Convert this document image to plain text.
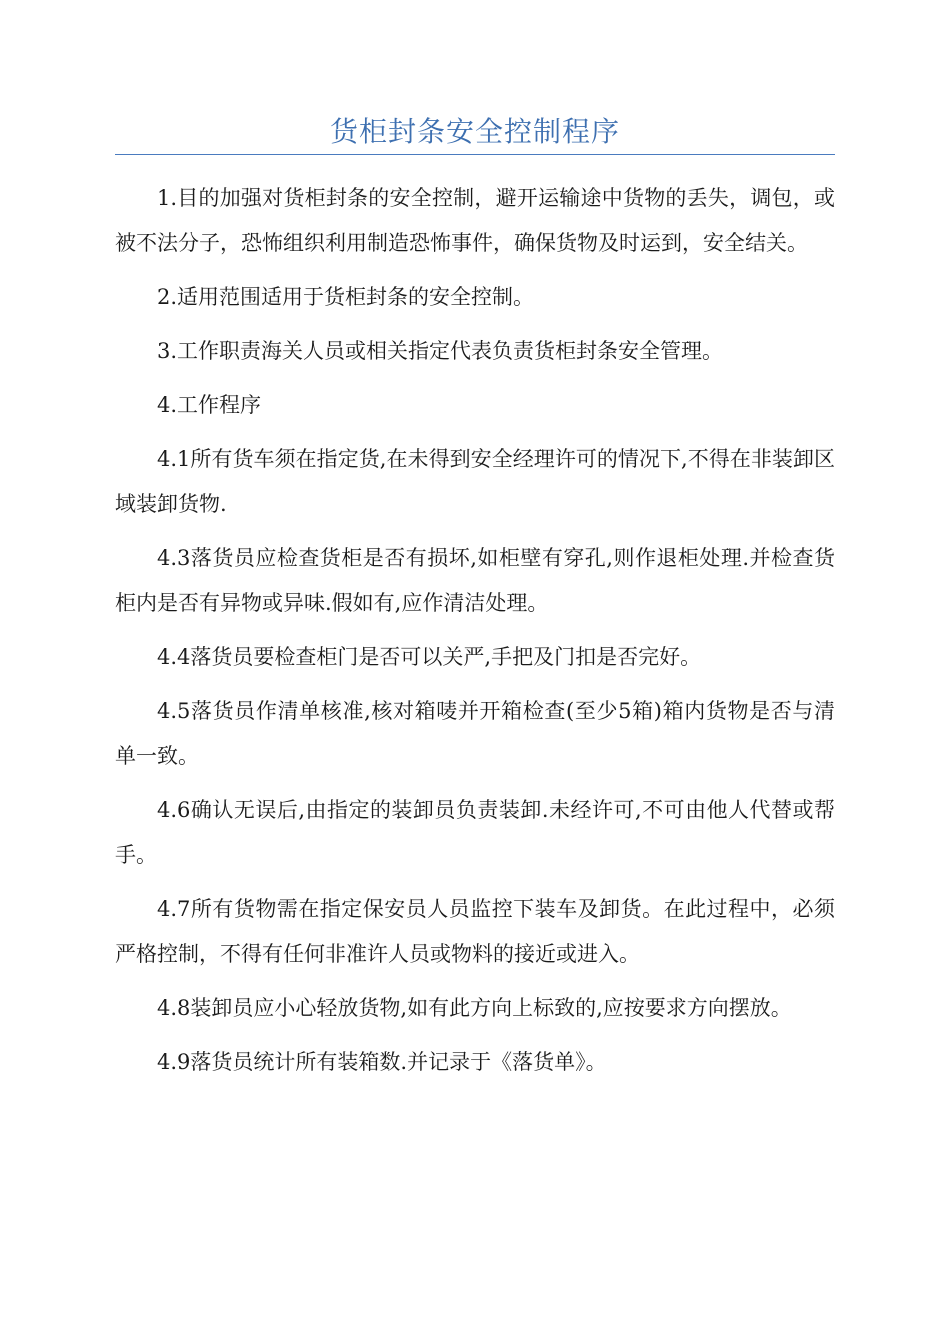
货柜封条安全控制程序

1.目的加强对货柜封条的安全控制，避开运输途中货物的丢失，调包，或被不法分子，恐怖组织利用制造恐怖事件，确保货物及时运到，安全结关。

2.适用范围适用于货柜封条的安全控制。

3.工作职责海关人员或相关指定代表负责货柜封条安全管理。

4.工作程序

4.1所有货车须在指定货,在未得到安全经理许可的情况下,不得在非装卸区域装卸货物.

4.3落货员应检查货柜是否有损坏,如柜壁有穿孔,则作退柜处理.并检查货柜内是否有异物或异味.假如有,应作清洁处理。

4.4落货员要检查柜门是否可以关严,手把及门扣是否完好。

4.5落货员作清单核准,核对箱唛并开箱检查(至少5箱)箱内货物是否与清单一致。

4.6确认无误后,由指定的装卸员负责装卸.未经许可,不可由他人代替或帮手。

4.7所有货物需在指定保安员人员监控下装车及卸货。在此过程中，必须严格控制，不得有任何非准许人员或物料的接近或进入。

4.8装卸员应小心轻放货物,如有此方向上标致的,应按要求方向摆放。

4.9落货员统计所有装箱数.并记录于《落货单》。
